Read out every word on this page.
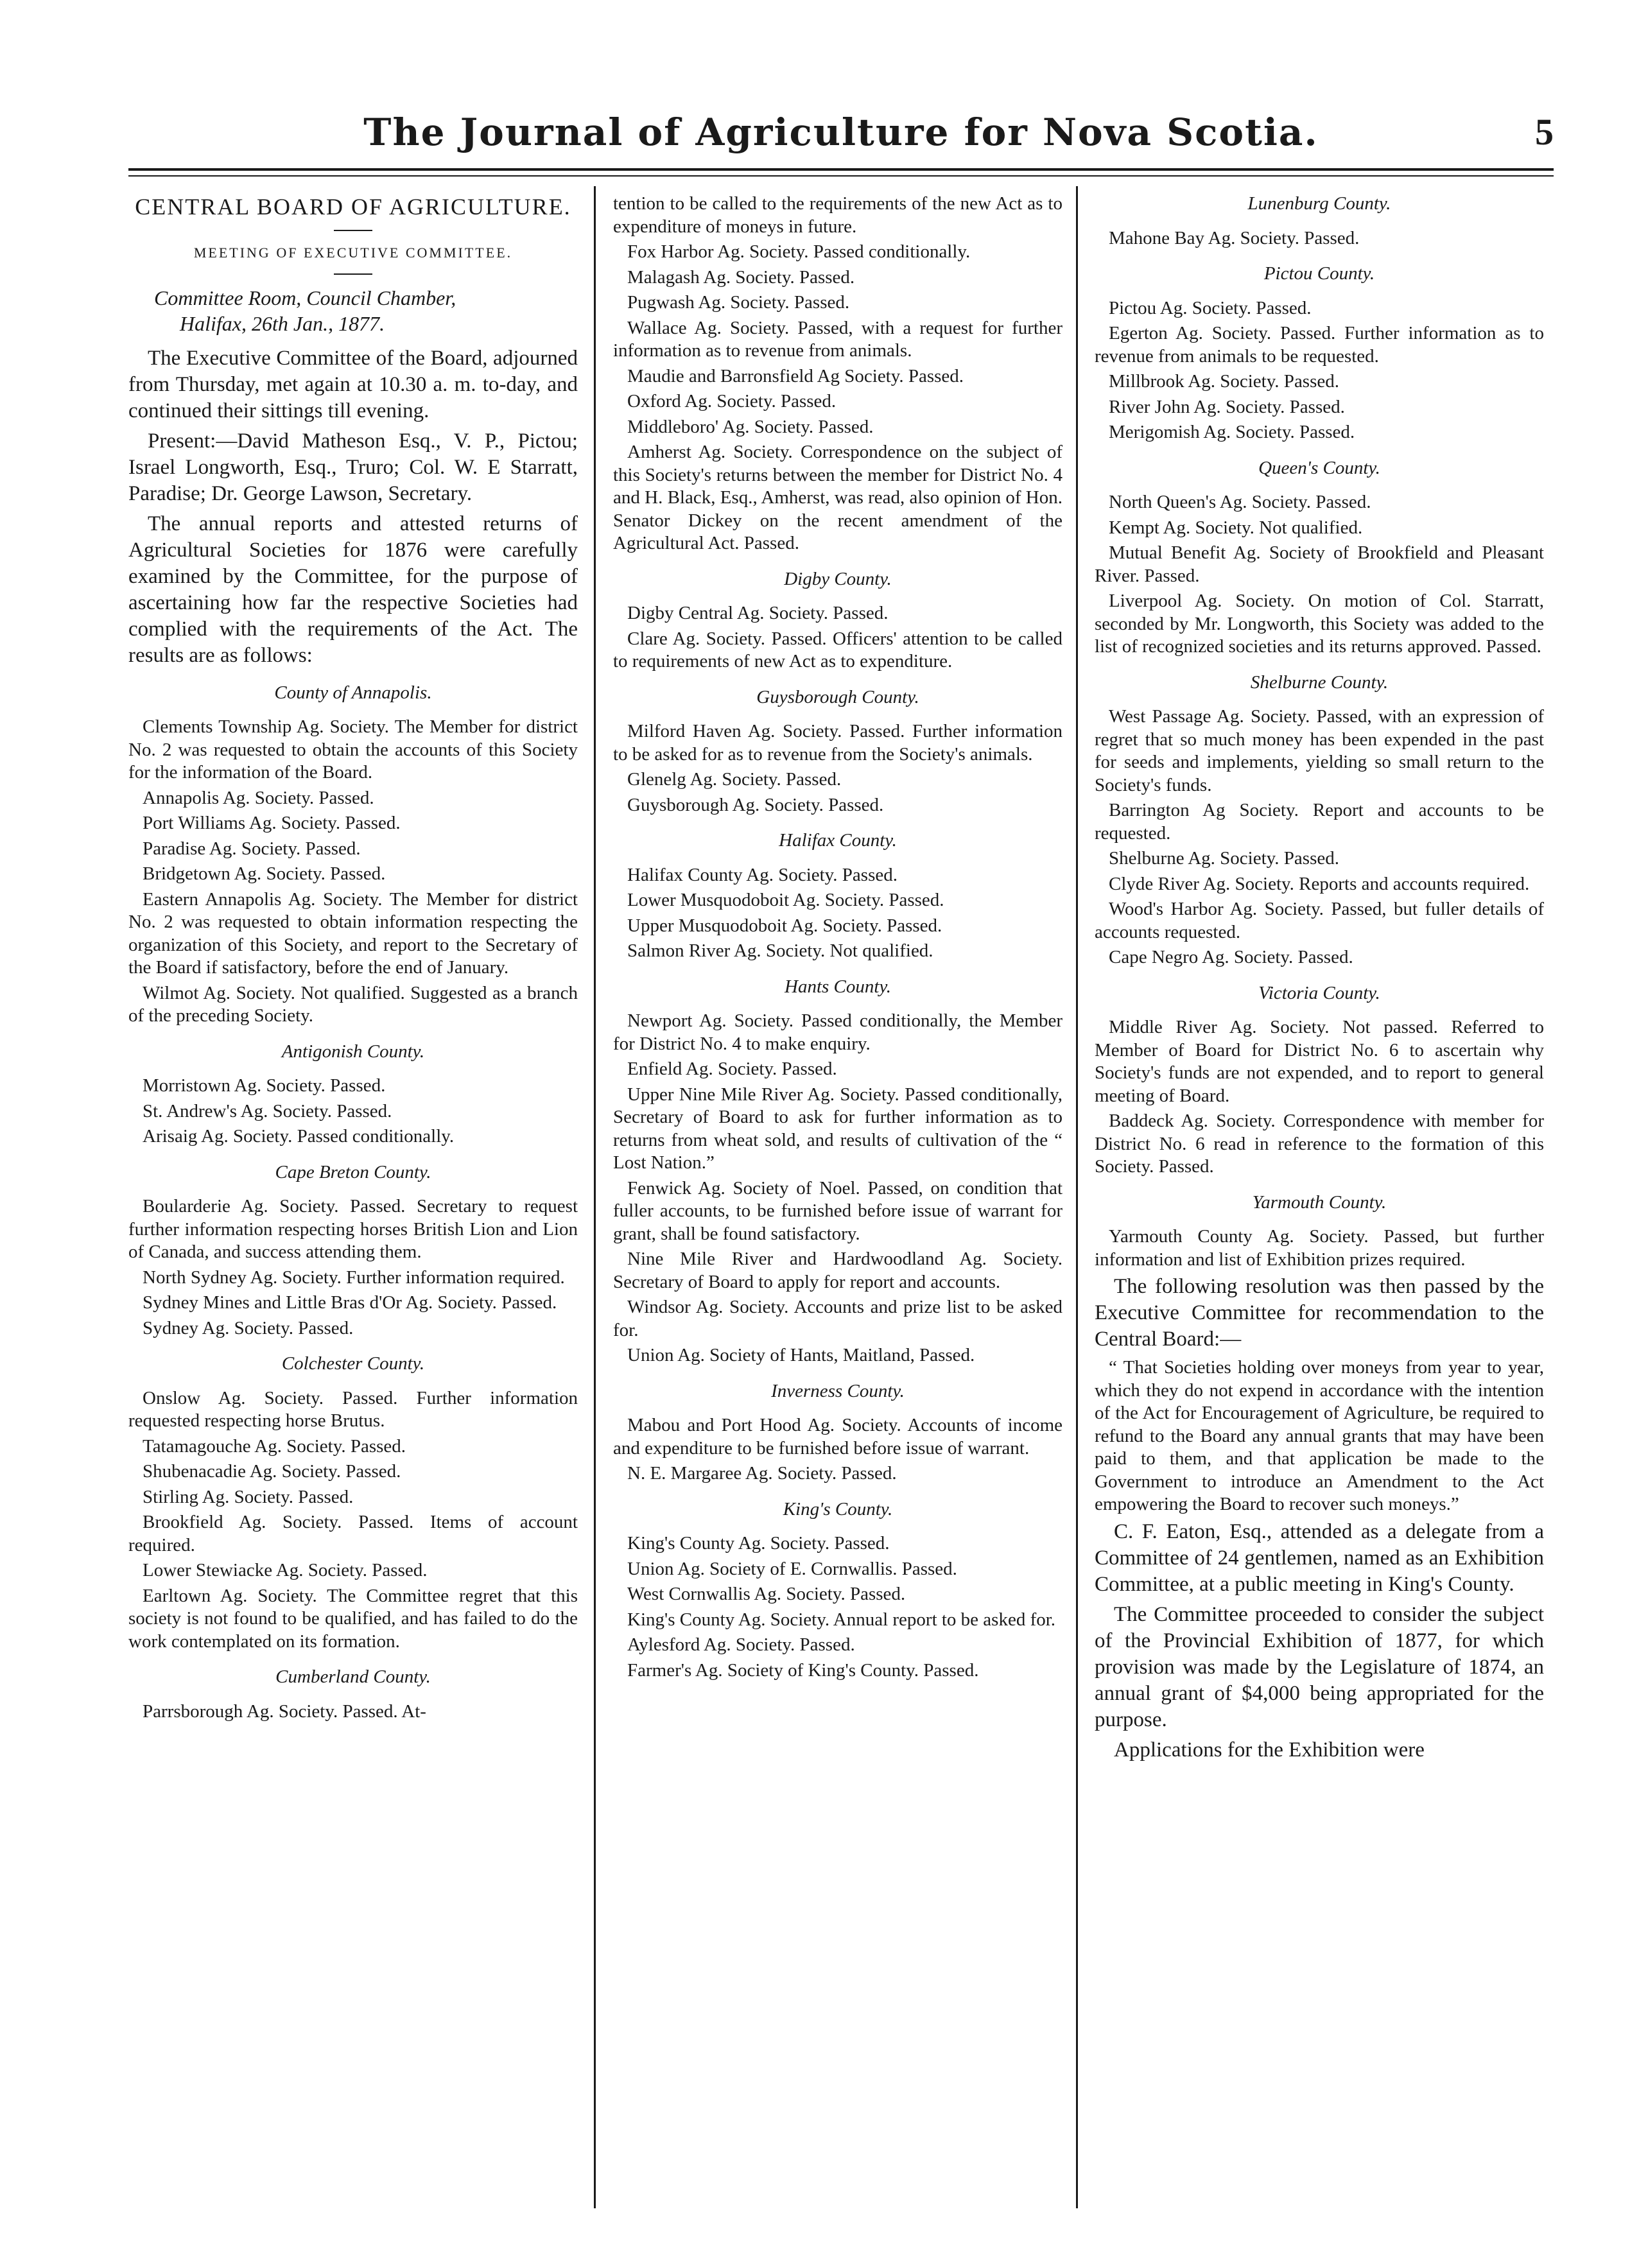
The Journal of Agriculture for Nova Scotia.	5
CENTRAL BOARD OF AGRICULTURE.
MEETING OF EXECUTIVE COMMITTEE.
Committee Room, Council Chamber,
Halifax, 26th Jan., 1877.

The Executive Committee of the Board, adjourned from Thursday, met again at 10.30 a. m. to-day, and continued their sittings till evening.

Present:—David Matheson Esq., V. P., Pictou; Israel Longworth, Esq., Truro; Col. W. E Starratt, Paradise; Dr. George Lawson, Secretary.

The annual reports and attested returns of Agricultural Societies for 1876 were carefully examined by the Committee, for the purpose of ascertaining how far the respective Societies had complied with the requirements of the Act. The results are as follows:

County of Annapolis.

Clements Township Ag. Society. The Member for district No. 2 was requested to obtain the accounts of this Society for the information of the Board.

Annapolis Ag. Society. Passed.

Port Williams Ag. Society. Passed.

Paradise Ag. Society. Passed.

Bridgetown Ag. Society. Passed.

Eastern Annapolis Ag. Society. The Member for district No. 2 was requested to obtain information respecting the organization of this Society, and report to the Secretary of the Board if satisfactory, before the end of January.

Wilmot Ag. Society. Not qualified. Suggested as a branch of the preceding Society.

Antigonish County.

Morristown Ag. Society. Passed.

St. Andrew's Ag. Society. Passed.

Arisaig Ag. Society. Passed conditionally.

Cape Breton County.

Boularderie Ag. Society. Passed. Secretary to request further information respecting horses British Lion and Lion of Canada, and success attending them.

North Sydney Ag. Society. Further information required.

Sydney Mines and Little Bras d'Or Ag. Society. Passed.

Sydney Ag. Society. Passed.

Colchester County.

Onslow Ag. Society. Passed. Further information requested respecting horse Brutus.

Tatamagouche Ag. Society. Passed.

Shubenacadie Ag. Society. Passed.

Stirling Ag. Society. Passed.

Brookfield Ag. Society. Passed. Items of account required.

Lower Stewiacke Ag. Society. Passed.

Earltown Ag. Society. The Committee regret that this society is not found to be qualified, and has failed to do the work contemplated on its formation.

Cumberland County.

Parrsborough Ag. Society. Passed. At-

tention to be called to the requirements of the new Act as to expenditure of moneys in future.

Fox Harbor Ag. Society. Passed conditionally.

Malagash Ag. Society. Passed.

Pugwash Ag. Society. Passed.

Wallace Ag. Society. Passed, with a request for further information as to revenue from animals.

Maudie and Barronsfield Ag Society. Passed.

Oxford Ag. Society. Passed.

Middleboro' Ag. Society. Passed.

Amherst Ag. Society. Correspondence on the subject of this Society's returns between the member for District No. 4 and H. Black, Esq., Amherst, was read, also opinion of Hon. Senator Dickey on the recent amendment of the Agricultural Act. Passed.

Digby County.

Digby Central Ag. Society. Passed.

Clare Ag. Society. Passed. Officers' attention to be called to requirements of new Act as to expenditure.

Guysborough County.

Milford Haven Ag. Society. Passed. Further information to be asked for as to revenue from the Society's animals.

Glenelg Ag. Society. Passed.

Guysborough Ag. Society. Passed.

Halifax County.

Halifax County Ag. Society. Passed.

Lower Musquodoboit Ag. Society. Passed.

Upper Musquodoboit Ag. Society. Passed.

Salmon River Ag. Society. Not qualified.

Hants County.

Newport Ag. Society. Passed conditionally, the Member for District No. 4 to make enquiry.

Enfield Ag. Society. Passed.

Upper Nine Mile River Ag. Society. Passed conditionally, Secretary of Board to ask for further information as to returns from wheat sold, and results of cultivation of the “ Lost Nation.”

Fenwick Ag. Society of Noel. Passed, on condition that fuller accounts, to be furnished before issue of warrant for grant, shall be found satisfactory.

Nine Mile River and Hardwoodland Ag. Society. Secretary of Board to apply for report and accounts.

Windsor Ag. Society. Accounts and prize list to be asked for.

Union Ag. Society of Hants, Maitland, Passed.

Inverness County.

Mabou and Port Hood Ag. Society. Accounts of income and expenditure to be furnished before issue of warrant.

N. E. Margaree Ag. Society. Passed.

King's County.

King's County Ag. Society. Passed.

Union Ag. Society of E. Cornwallis. Passed.

West Cornwallis Ag. Society. Passed.

King's County Ag. Society. Annual report to be asked for.

Aylesford Ag. Society. Passed.

Farmer's Ag. Society of King's County. Passed.

Lunenburg County.

Mahone Bay Ag. Society. Passed.

Pictou County.

Pictou Ag. Society. Passed.

Egerton Ag. Society. Passed. Further information as to revenue from animals to be requested.

Millbrook Ag. Society. Passed.

River John Ag. Society. Passed.

Merigomish Ag. Society. Passed.

Queen's County.

North Queen's Ag. Society. Passed.

Kempt Ag. Society. Not qualified.

Mutual Benefit Ag. Society of Brookfield and Pleasant River. Passed.

Liverpool Ag. Society. On motion of Col. Starratt, seconded by Mr. Longworth, this Society was added to the list of recognized societies and its returns approved. Passed.

Shelburne County.

West Passage Ag. Society. Passed, with an expression of regret that so much money has been expended in the past for seeds and implements, yielding so small return to the Society's funds.

Barrington Ag Society. Report and accounts to be requested.

Shelburne Ag. Society. Passed.

Clyde River Ag. Society. Reports and accounts required.

Wood's Harbor Ag. Society. Passed, but fuller details of accounts requested.

Cape Negro Ag. Society. Passed.

Victoria County.

Middle River Ag. Society. Not passed. Referred to Member of Board for District No. 6 to ascertain why Society's funds are not expended, and to report to general meeting of Board.

Baddeck Ag. Society. Correspondence with member for District No. 6 read in reference to the formation of this Society. Passed.

Yarmouth County.

Yarmouth County Ag. Society. Passed, but further information and list of Exhibition prizes required.

The following resolution was then passed by the Executive Committee for recommendation to the Central Board:—

“ That Societies holding over moneys from year to year, which they do not expend in accordance with the intention of the Act for Encouragement of Agriculture, be required to refund to the Board any annual grants that may have been paid to them, and that application be made to the Government to introduce an Amendment to the Act empowering the Board to recover such moneys.”

C. F. Eaton, Esq., attended as a delegate from a Committee of 24 gentlemen, named as an Exhibition Committee, at a public meeting in King's County.

The Committee proceeded to consider the subject of the Provincial Exhibition of 1877, for which provision was made by the Legislature of 1874, an annual grant of $4,000 being appropriated for the purpose.

Applications for the Exhibition were
